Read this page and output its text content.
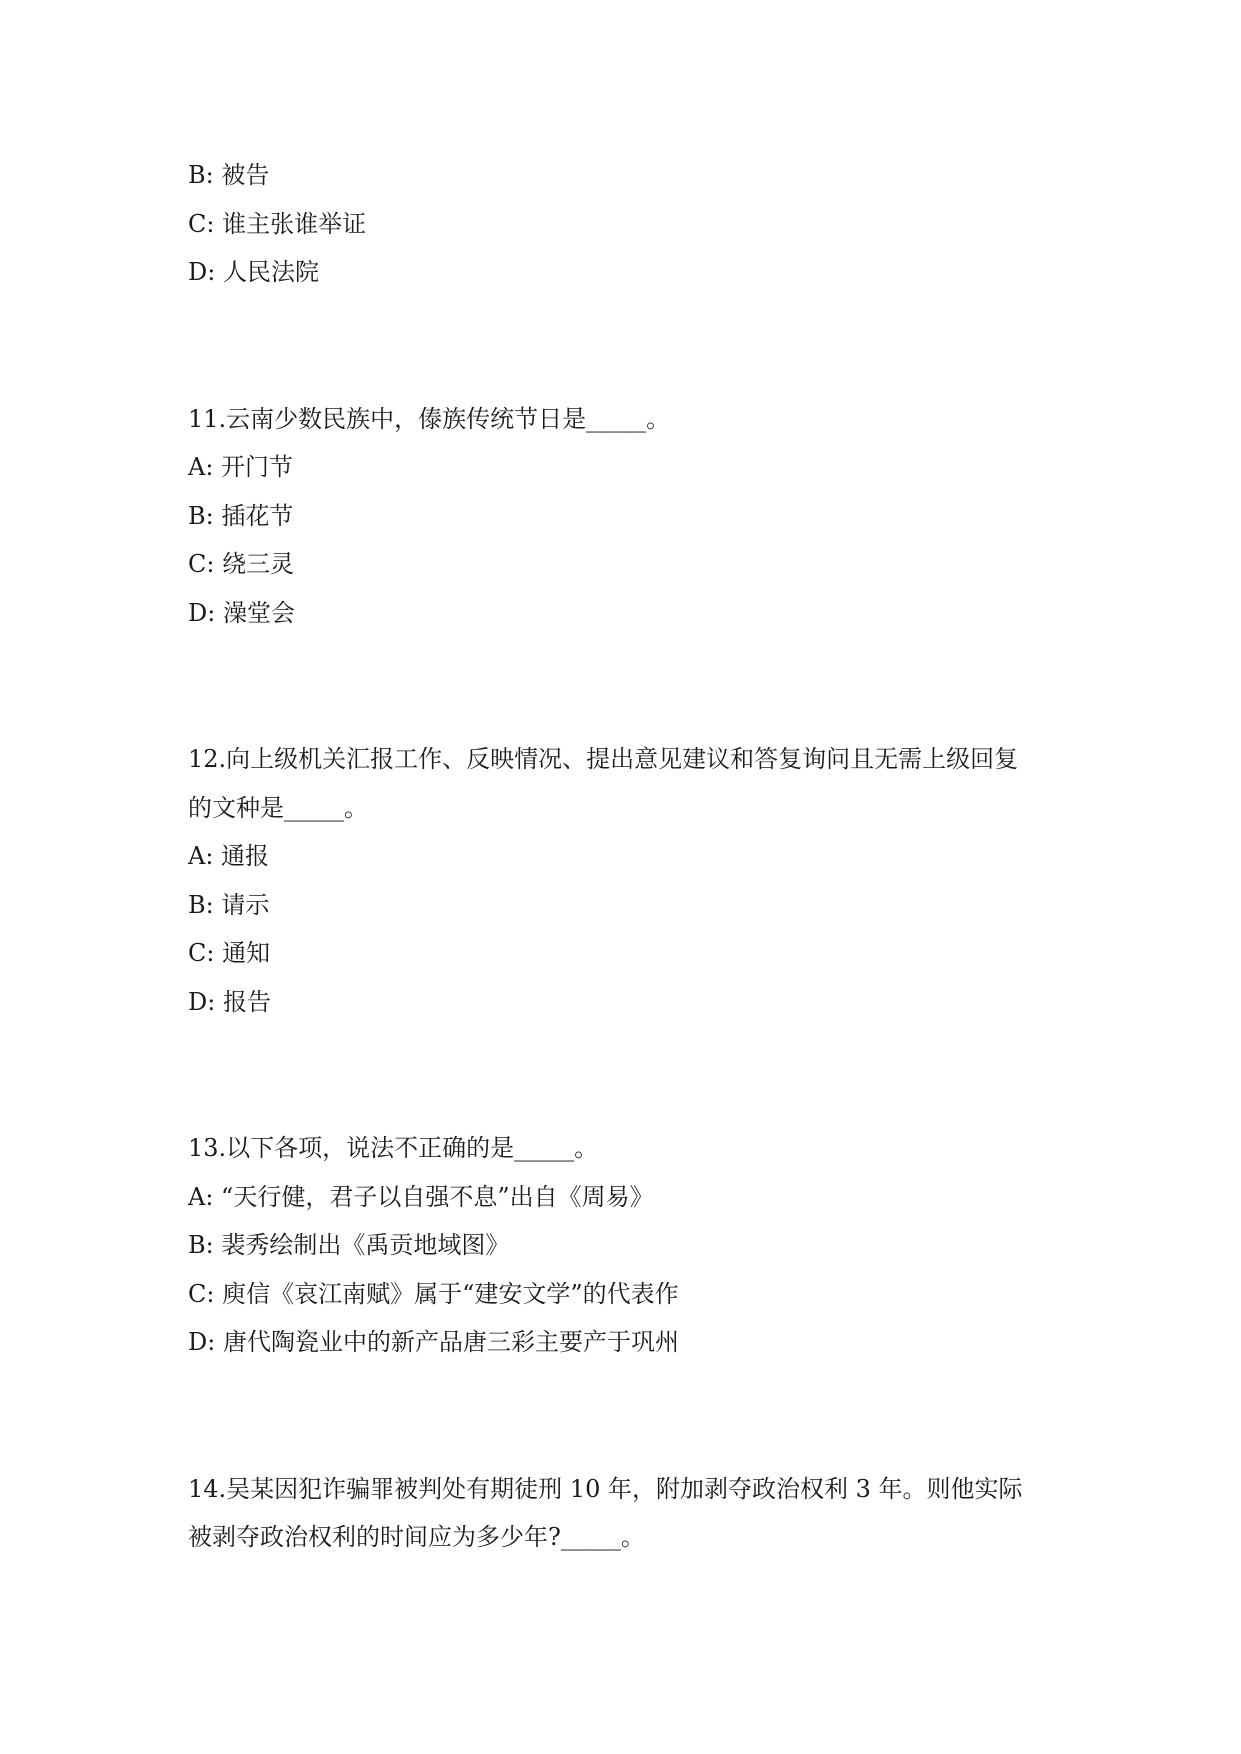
B: 被告
C: 谁主张谁举证
D: 人民法院
11.云南少数民族中，傣族传统节日是_____。
A: 开门节
B: 插花节
C: 绕三灵
D: 澡堂会
12.向上级机关汇报工作、反映情况、提出意见建议和答复询问且无需上级回复
的文种是_____。
A: 通报
B: 请示
C: 通知
D: 报告
13.以下各项，说法不正确的是_____。
A: “天行健，君子以自强不息”出自《周易》
B: 裴秀绘制出《禹贡地域图》
C: 庾信《哀江南赋》属于“建安文学”的代表作
D: 唐代陶瓷业中的新产品唐三彩主要产于巩州
14.吴某因犯诈骗罪被判处有期徒刑 10 年，附加剥夺政治权利 3 年。则他实际
被剥夺政治权利的时间应为多少年?_____。
